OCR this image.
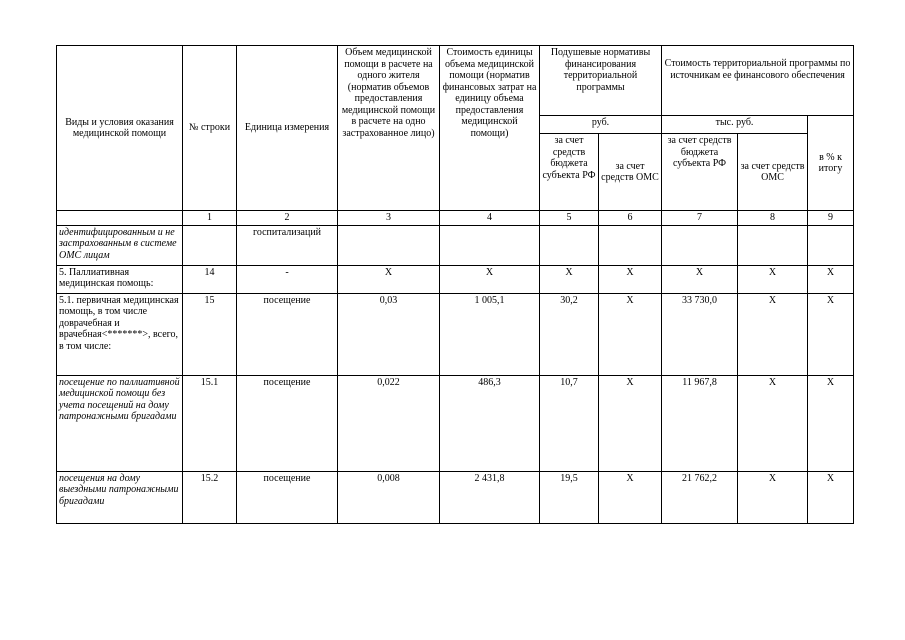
Виды и условия оказания медицинской помощи	№ строки	Единица измерения	Объем медицинской помощи в расчете на одного жителя (норматив объемов предоставления медицинской помощи в расчете на одно застрахованное лицо)	Стоимость единицы объема медицинской помощи (норматив финансовых затрат на единицу объема предоставления медицинской помощи)	Подушевые нормативы финансирования территориальной программы		Стоимость территориальной программы по источникам ее финансового обеспечения		
					руб.		тыс. руб.		в % к итогу
					за счет средств бюджета субъекта РФ	за счет средств ОМС	за счет средств бюджета субъекта РФ	за счет средств ОМС	
	1	2	3	4	5	6	7	8	9
идентифицированным и не застрахованным в системе ОМС лицам		госпитализаций							
5. Паллиативная медицинская помощь:	14	-	X	X	X	X	X	X	X
5.1. первичная медицинская помощь, в том числе доврачебная и врачебная<*******>, всего, в том числе:	15	посещение	0,03	1 005,1	30,2	X	33 730,0	X	X
посещение по паллиативной медицинской помощи без учета посещений на дому патронажными бригадами	15.1	посещение	0,022	486,3	10,7	X	11 967,8	X	X
посещения на дому выездными патронажными бригадами	15.2	посещение	0,008	2 431,8	19,5	X	21 762,2	X	X
